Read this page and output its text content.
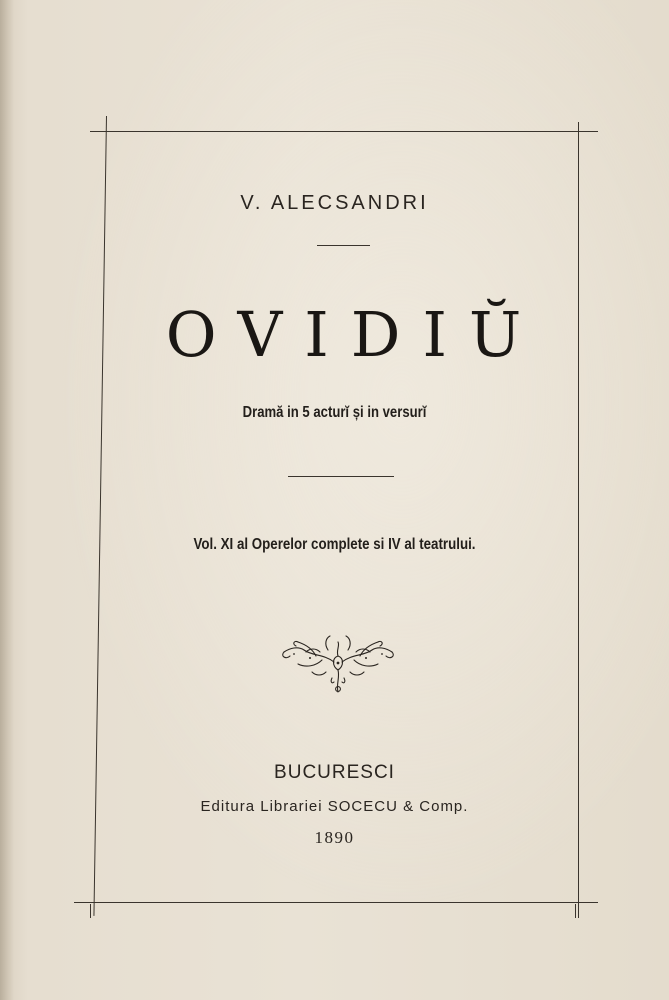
V. ALECSANDRI
OVIDIŬ
Dramă in 5 acturĭ și in versurĭ
Vol. XI al Operelor complete si IV al teatrului.
BUCURESCI
Editura Librariei SOCECU & Comp.
1890
